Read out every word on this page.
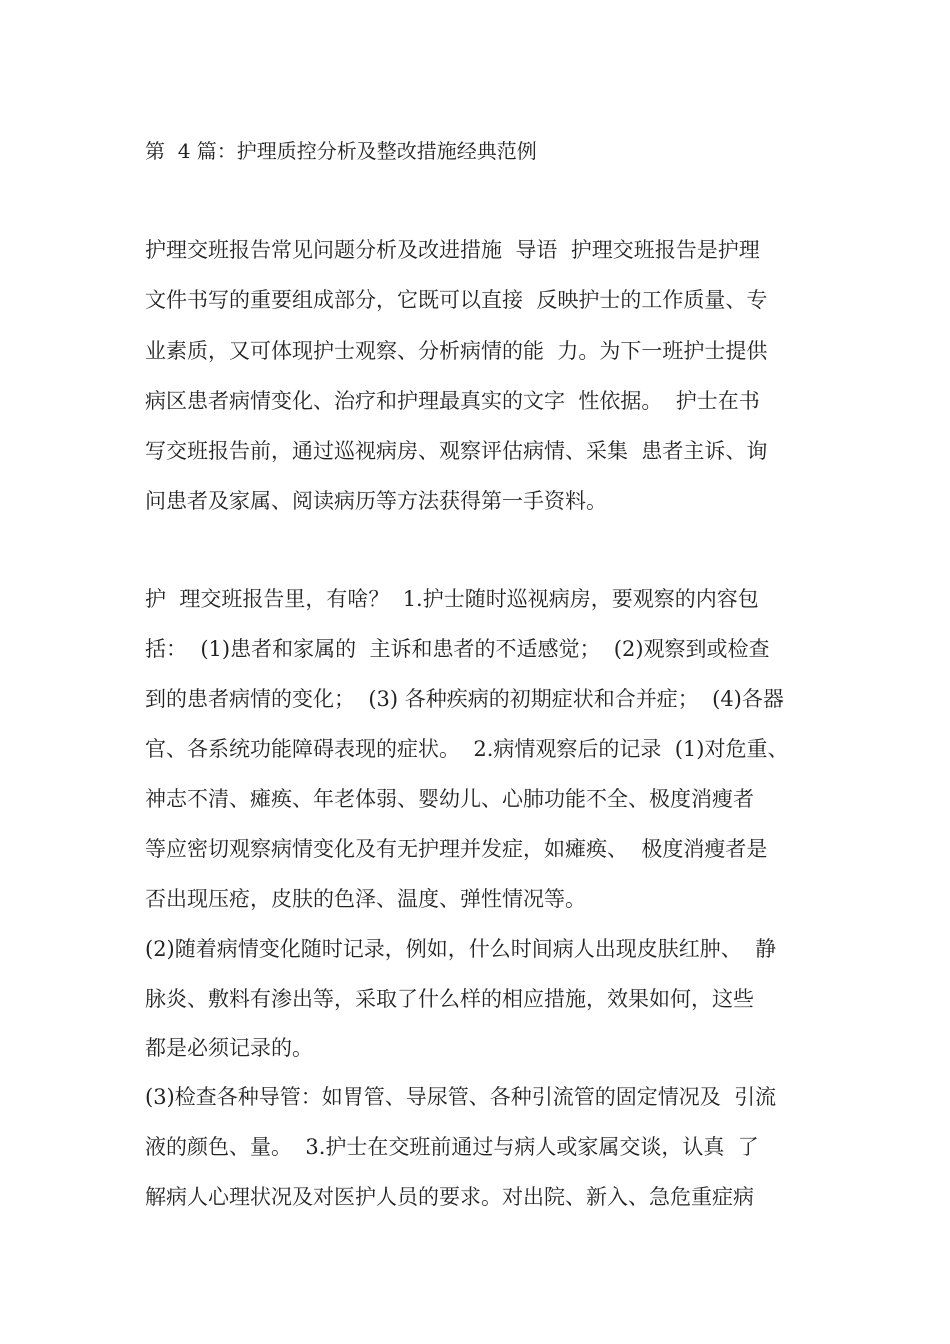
第  4 篇：护理质控分析及整改措施经典范例
护理交班报告常见问题分析及改进措施  导语  护理交班报告是护理
文件书写的重要组成部分，它既可以直接  反映护士的工作质量、专
业素质，又可体现护士观察、分析病情的能  力。为下一班护士提供
病区患者病情变化、治疗和护理最真实的文字  性依据。  护士在书
写交班报告前，通过巡视病房、观察评估病情、采集  患者主诉、询
问患者及家属、阅读病历等方法获得第一手资料。
护  理交班报告里，有啥？  1.护士随时巡视病房，要观察的内容包
括：  (1)患者和家属的  主诉和患者的不适感觉；  (2)观察到或检查
到的患者病情的变化；  (3) 各种疾病的初期症状和合并症；  (4)各器
官、各系统功能障碍表现的症状。  2.病情观察后的记录  (1)对危重、
神志不清、瘫痪、年老体弱、婴幼儿、心肺功能不全、极度消瘦者
等应密切观察病情变化及有无护理并发症，如瘫痪、  极度消瘦者是
否出现压疮，皮肤的色泽、温度、弹性情况等。
(2)随着病情变化随时记录，例如，什么时间病人出现皮肤红肿、  静
脉炎、敷料有渗出等，采取了什么样的相应措施，效果如何，这些
都是必须记录的。
(3)检查各种导管：如胃管、导尿管、各种引流管的固定情况及  引流
液的颜色、量。  3.护士在交班前通过与病人或家属交谈，认真  了
解病人心理状况及对医护人员的要求。对出院、新入、急危重症病
